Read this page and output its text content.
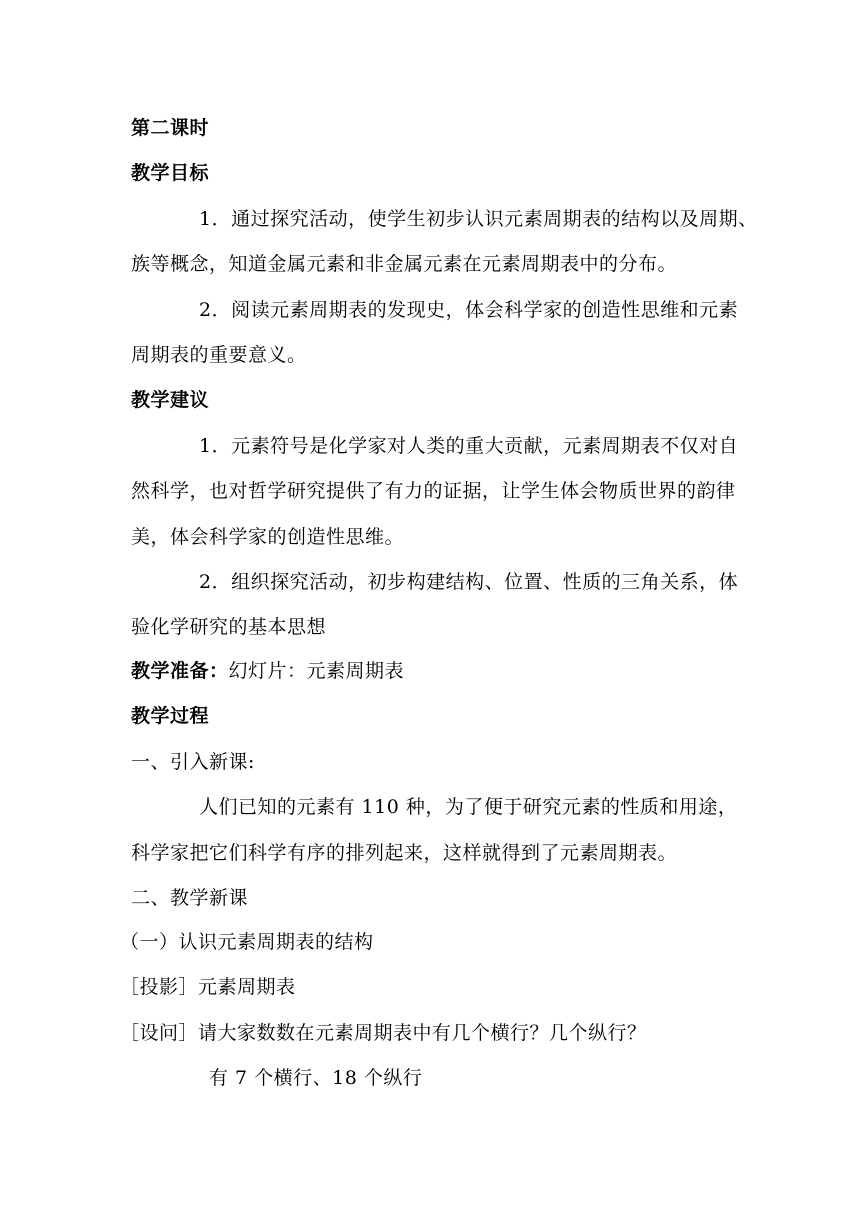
第二课时
教学目标
1．通过探究活动，使学生初步认识元素周期表的结构以及周期、
族等概念，知道金属元素和非金属元素在元素周期表中的分布。
2．阅读元素周期表的发现史，体会科学家的创造性思维和元素
周期表的重要意义。
教学建议
1．元素符号是化学家对人类的重大贡献，元素周期表不仅对自
然科学，也对哲学研究提供了有力的证据，让学生体会物质世界的韵律
美，体会科学家的创造性思维。
2．组织探究活动，初步构建结构、位置、性质的三角关系，体
验化学研究的基本思想
教学准备：幻灯片：元素周期表
教学过程
一、引入新课:
人们已知的元素有 110 种，为了便于研究元素的性质和用途，
科学家把它们科学有序的排列起来，这样就得到了元素周期表。
二、教学新课
（一）认识元素周期表的结构
［投影］元素周期表
［设问］请大家数数在元素周期表中有几个横行？几个纵行？
有 7 个横行、18 个纵行
